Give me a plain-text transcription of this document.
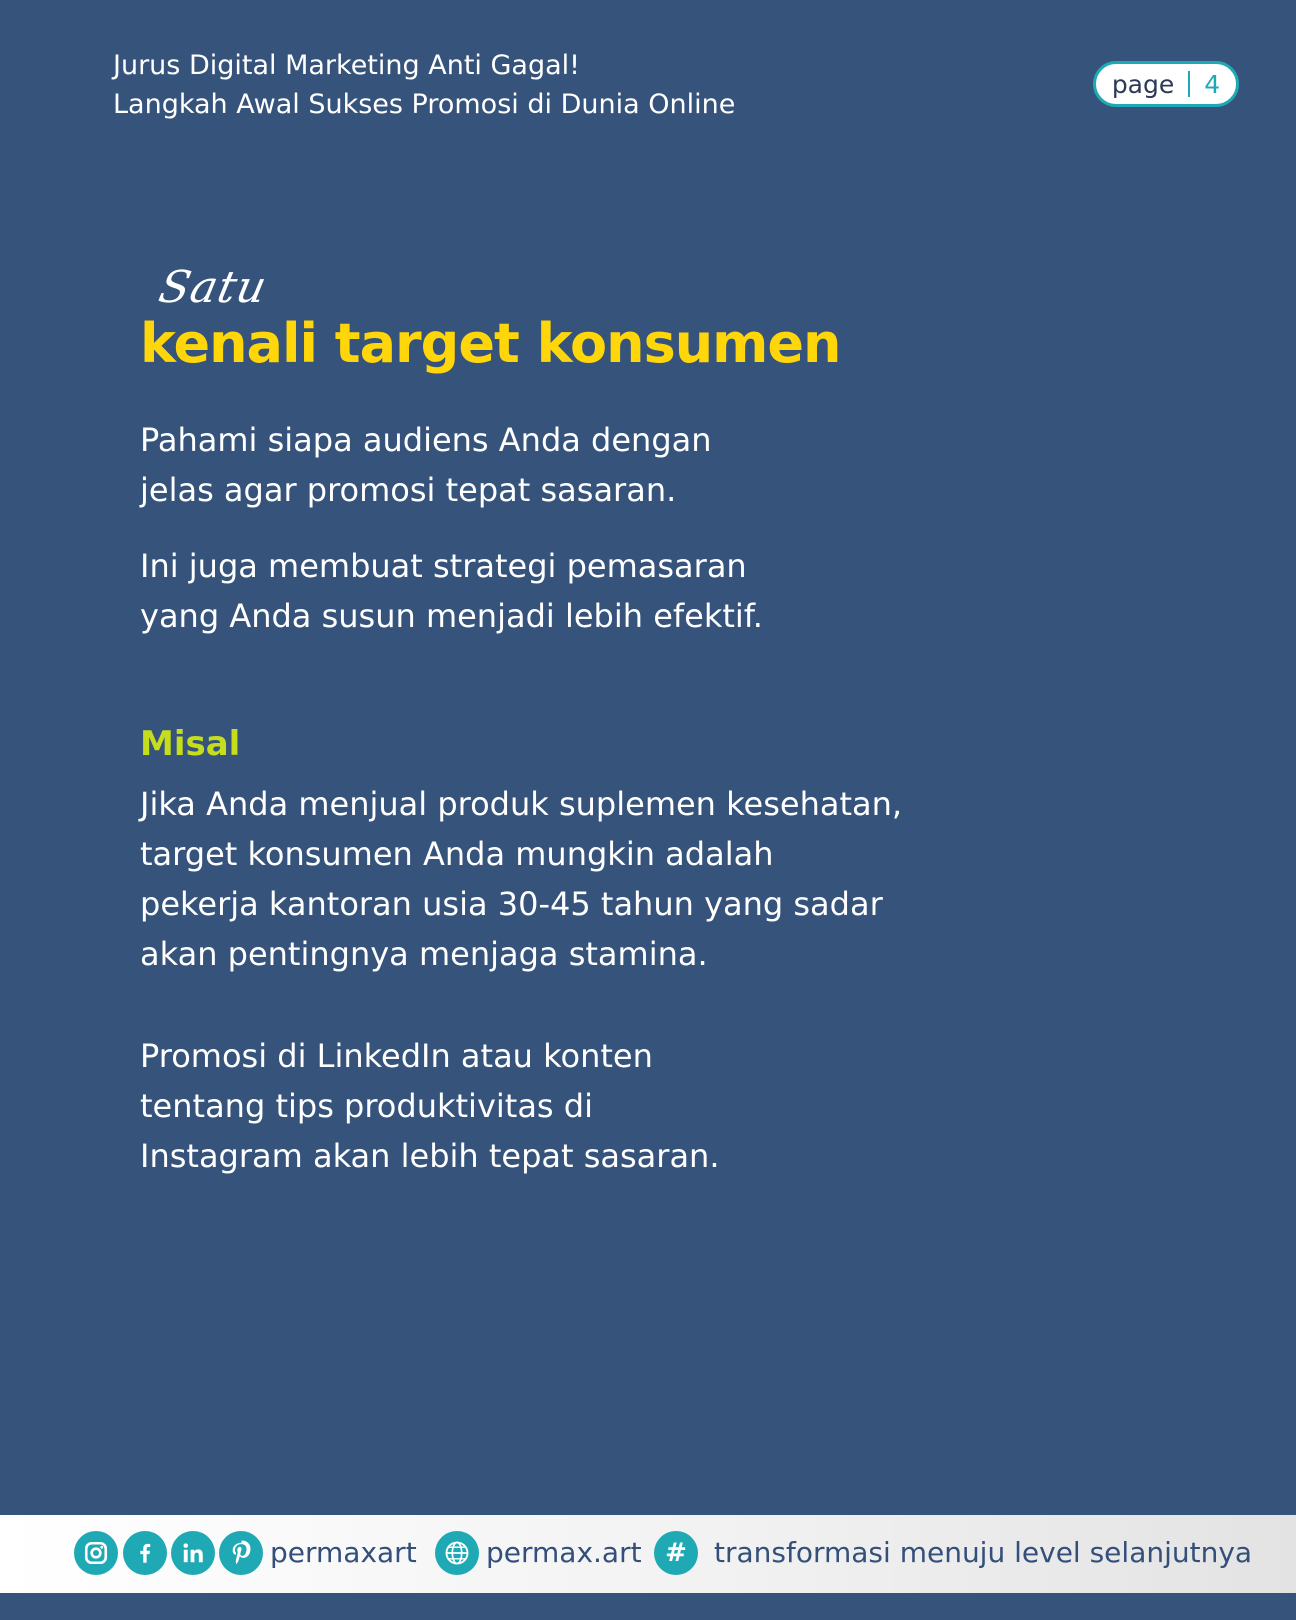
Jurus Digital Marketing Anti Gagal!
Langkah Awal Sukses Promosi di Dunia Online
page 4
Satu
kenali target konsumen
Pahami siapa audiens Anda dengan
jelas agar promosi tepat sasaran.
Ini juga membuat strategi pemasaran
yang Anda susun menjadi lebih efektif.
Misal
Jika Anda menjual produk suplemen kesehatan,
target konsumen Anda mungkin adalah
pekerja kantoran usia 30-45 tahun yang sadar
akan pentingnya menjaga stamina.
Promosi di LinkedIn atau konten
tentang tips produktivitas di
Instagram akan lebih tepat sasaran.
permaxart permax.art # transformasi menuju level selanjutnya
